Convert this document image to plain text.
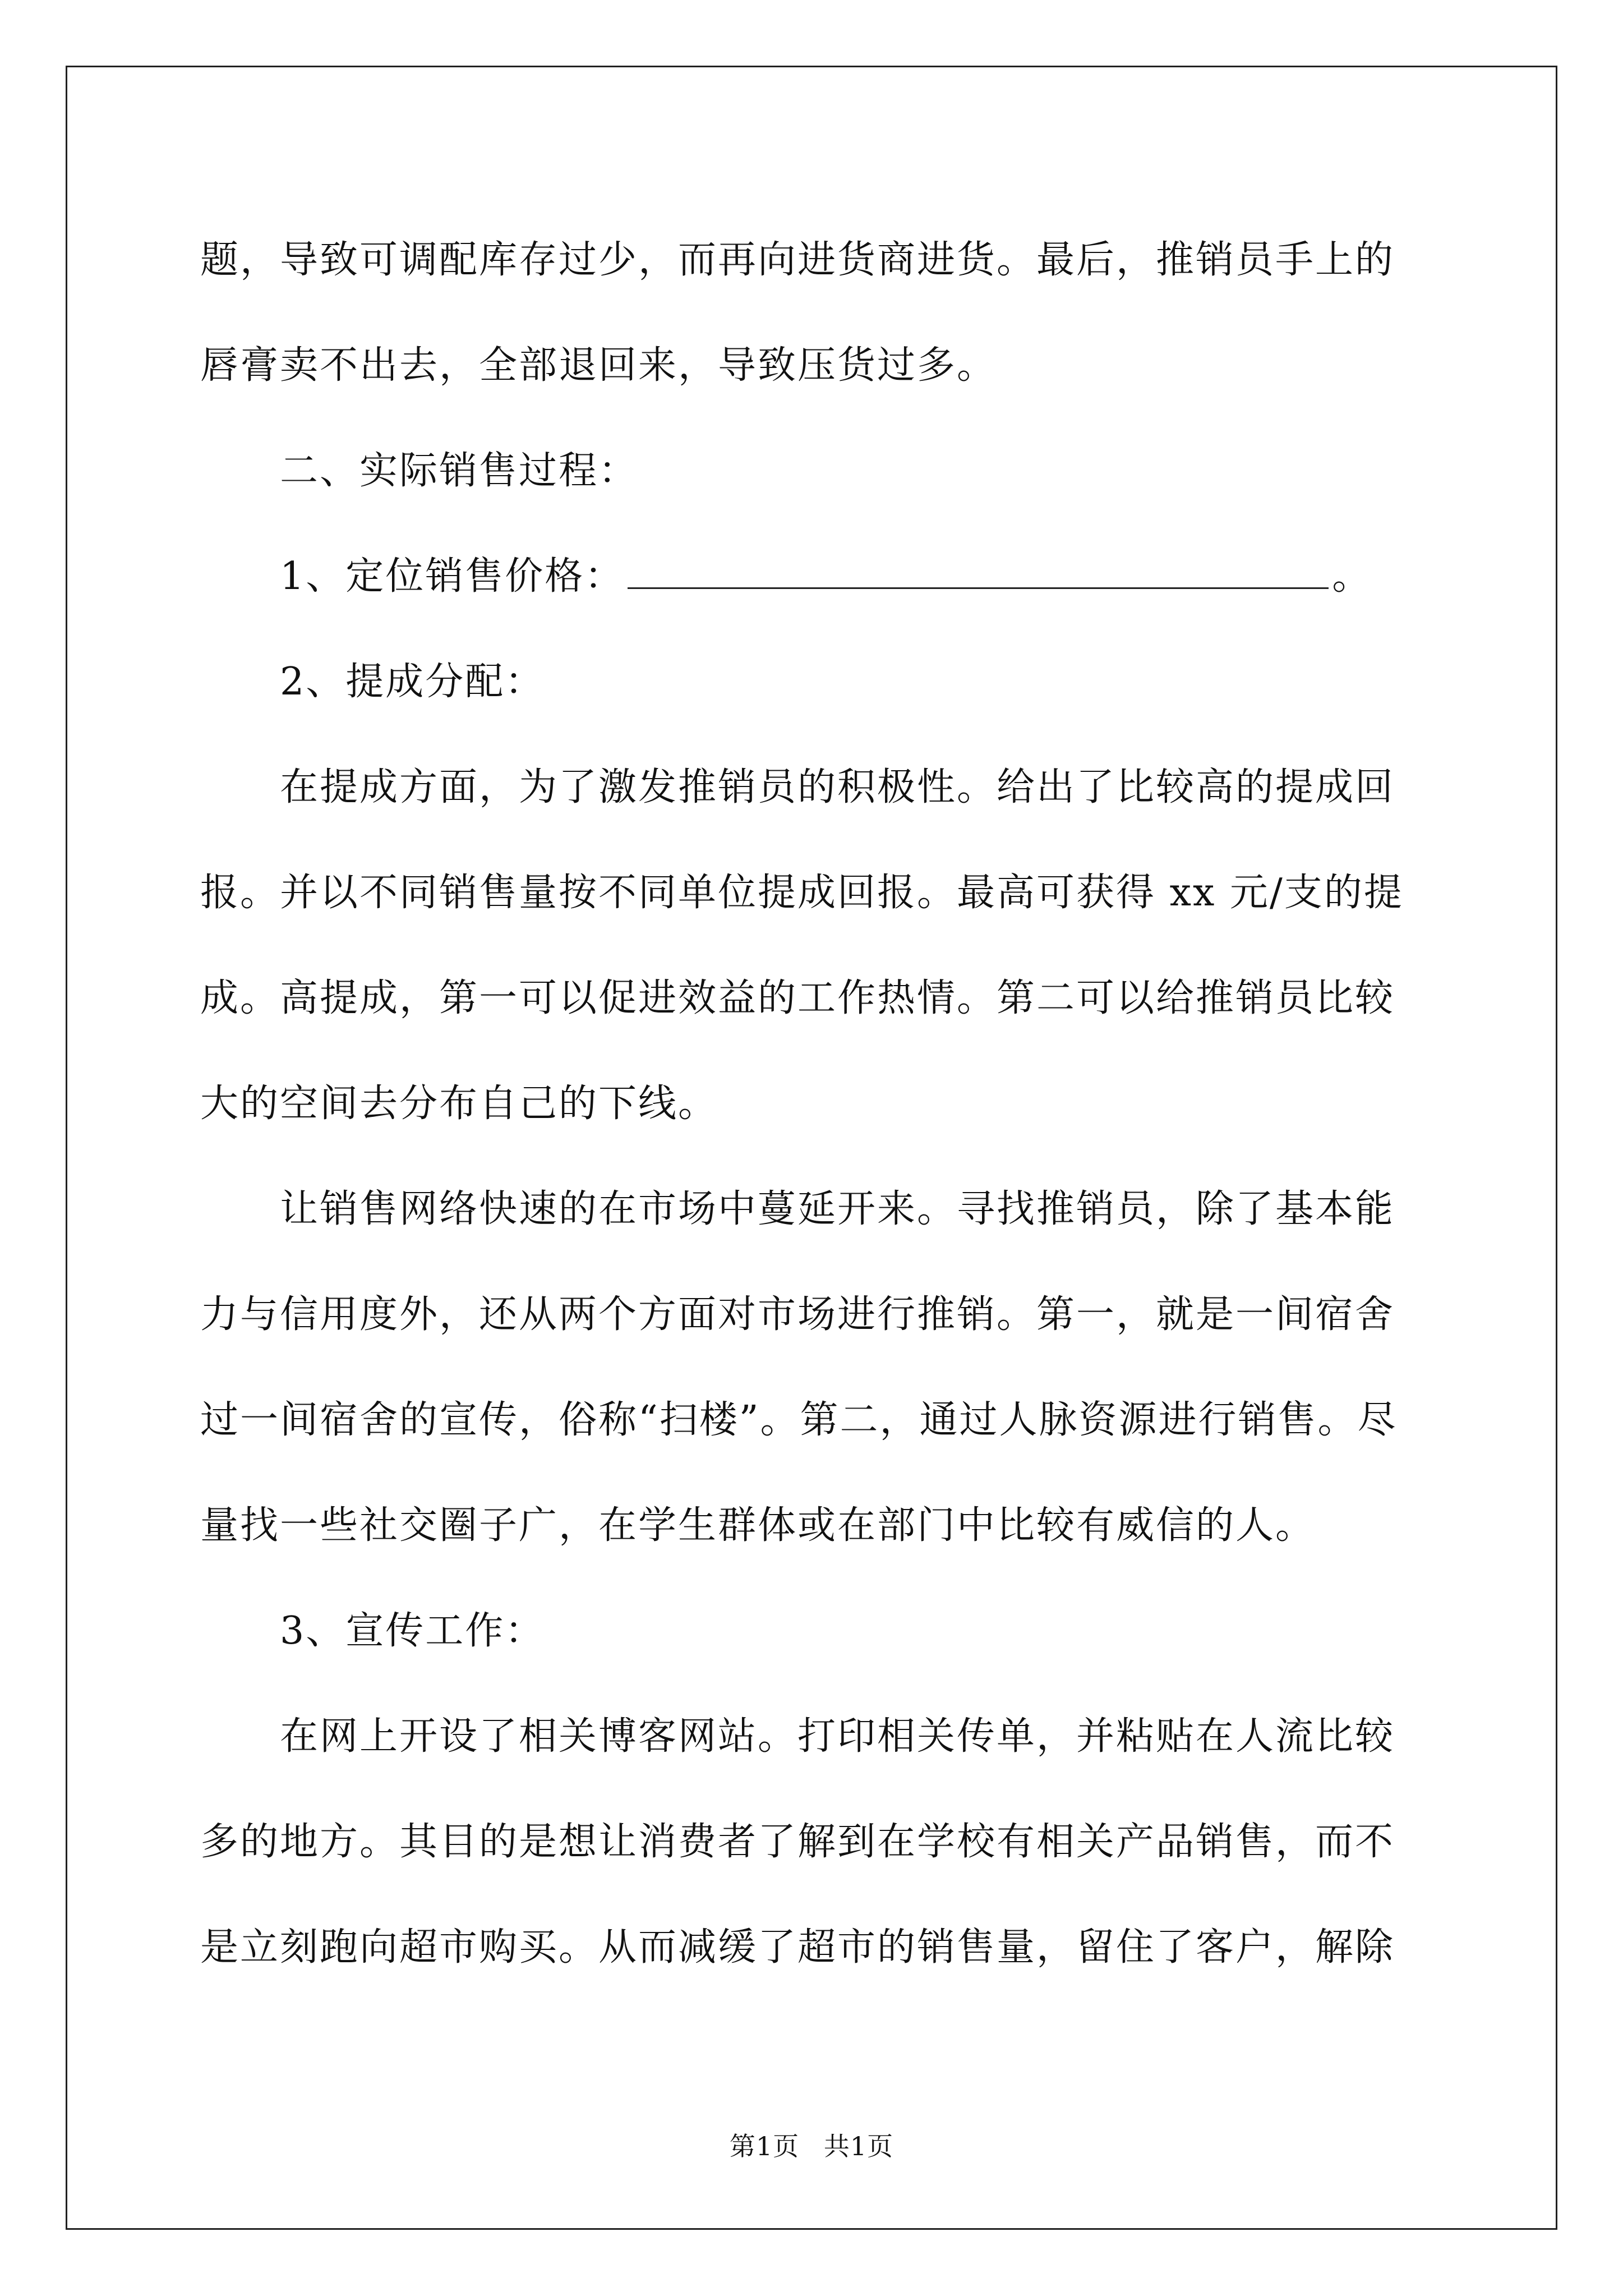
题，导致可调配库存过少，而再向进货商进货。最后，推销员手上的
唇膏卖不出去，全部退回来，导致压货过多。
二、实际销售过程：
1、定位销售价格：	。
2、提成分配：
在提成方面，为了激发推销员的积极性。给出了比较高的提成回
报。并以不同销售量按不同单位提成回报。最高可获得 xx 元/支的提
成。高提成，第一可以促进效益的工作热情。第二可以给推销员比较
大的空间去分布自己的下线。
让销售网络快速的在市场中蔓延开来。寻找推销员，除了基本能
力与信用度外，还从两个方面对市场进行推销。第一，就是一间宿舍
过一间宿舍的宣传，俗称“扫楼”。第二，通过人脉资源进行销售。尽
量找一些社交圈子广，在学生群体或在部门中比较有威信的人。
3、宣传工作：
在网上开设了相关博客网站。打印相关传单，并粘贴在人流比较
多的地方。其目的是想让消费者了解到在学校有相关产品销售，而不
是立刻跑向超市购买。从而减缓了超市的销售量，留住了客户，解除
第1页 共1页
